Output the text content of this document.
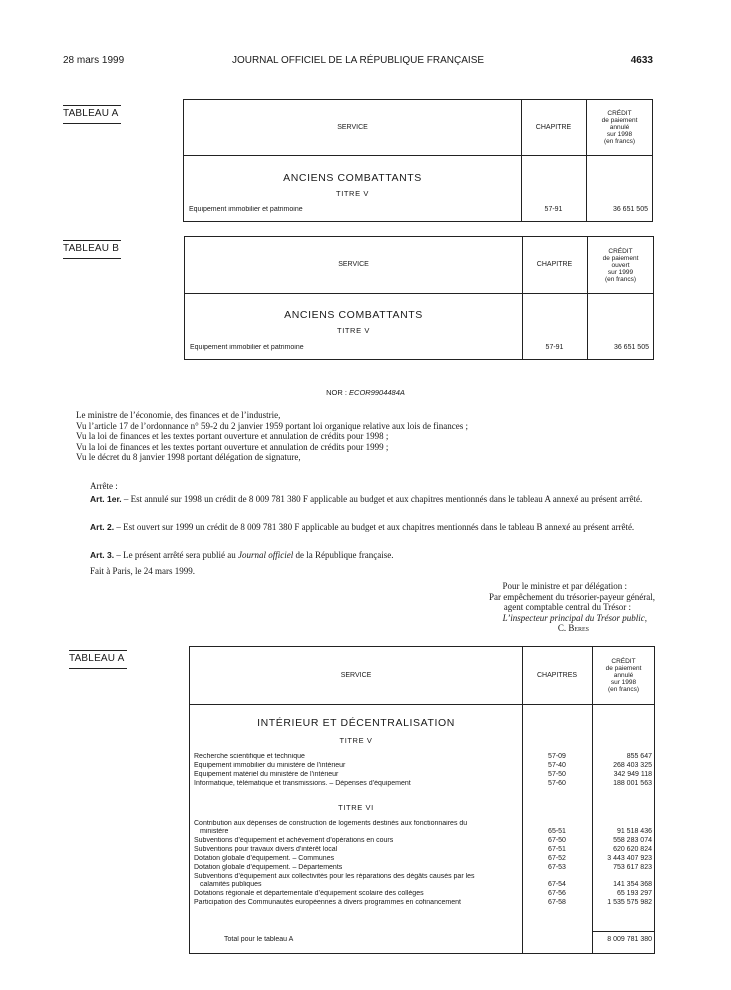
28 mars 1999	JOURNAL OFFICIEL DE LA RÉPUBLIQUE FRANÇAISE	4633
TABLEAU A
SERVICE	CHAPITRE
CRÉDIT
de paiement
annulé
sur 1998
(en francs)
ANCIENS COMBATTANTS
TITRE V
Equipement immobilier et patrimoine	57-91	36 651 505
TABLEAU B
SERVICE	CHAPITRE
CRÉDIT
de paiement
ouvert
sur 1999
(en francs)
ANCIENS COMBATTANTS
TITRE V
Equipement immobilier et patrimoine	57-91	36 651 505
NOR : ECOR9904484A

Le ministre de l’économie, des finances et de l’industrie,

Vu l’article 17 de l’ordonnance n° 59-2 du 2 janvier 1959 portant loi organique relative aux lois de finances ;

Vu la loi de finances et les textes portant ouverture et annulation de crédits pour 1998 ;

Vu la loi de finances et les textes portant ouverture et annulation de crédits pour 1999 ;

Vu le décret du 8 janvier 1998 portant délégation de signature,

Arrête :

Art. 1er. – Est annulé sur 1998 un crédit de 8 009 781 380 F applicable au budget et aux chapitres mentionnés dans le tableau A annexé au présent arrêté.

Art. 2. – Est ouvert sur 1999 un crédit de 8 009 781 380 F applicable au budget et aux chapitres mentionnés dans le tableau B annexé au présent arrêté.

Art. 3. – Le présent arrêté sera publié au Journal officiel de la République française.

Fait à Paris, le 24 mars 1999.
Pour le ministre et par délégation :
Par empêchement du trésorier-payeur général,
agent comptable central du Trésor :
L’inspecteur principal du Trésor public,
C. Beres
TABLEAU A
SERVICE	CHAPITRES
CRÉDIT
de paiement
annulé
sur 1998
(en francs)
INTÉRIEUR ET DÉCENTRALISATION
TITRE V
Recherche scientifique et technique	57-09	855 647
Equipement immobilier du ministère de l’intérieur	57-40	268 403 325
Equipement matériel du ministère de l’intérieur	57-50	342 949 118
Informatique, télématique et transmissions. – Dépenses d’équipement	57-60	188 001 563
TITRE VI
Contribution aux dépenses de construction de logements destinés aux fonctionnaires du
ministère	65-51	91 518 436
Subventions d’équipement et achèvement d’opérations en cours	67-50	558 283 074
Subventions pour travaux divers d’intérêt local	67-51	620 620 824
Dotation globale d’équipement. – Communes	67-52	3 443 407 923
Dotation globale d’équipement. – Départements	67-53	753 617 823
Subventions d’équipement aux collectivités pour les réparations des dégâts causés par les
calamités publiques	67-54	141 354 368
Dotations régionale et départementale d’équipement scolaire des collèges	67-56	65 193 297
Participation des Communautés européennes à divers programmes en cofinancement	67-58	1 535 575 982
Total pour le tableau A	8 009 781 380
